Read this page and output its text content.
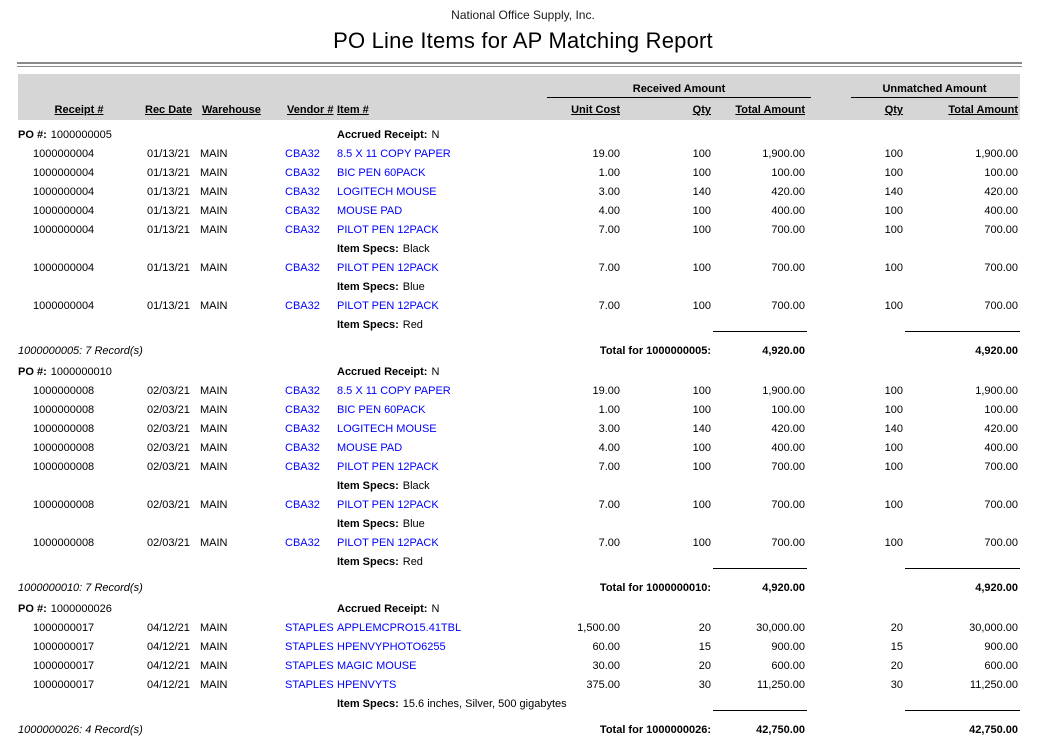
National Office Supply, Inc.
PO Line Items for AP Matching Report

					Received Amount			Unmatched Amount	

Receipt #	Rec Date	Warehouse	Vendor #	Item #	Unit Cost	Qty	Total Amount	Qty	Total Amount
PO #: 1000000005				Accrued Receipt: N					
1000000004	01/13/21	MAIN	CBA32	8.5 X 11 COPY PAPER	19.00	100	1,900.00	100	1,900.00
1000000004	01/13/21	MAIN	CBA32	BIC PEN 60PACK	1.00	100	100.00	100	100.00
1000000004	01/13/21	MAIN	CBA32	LOGITECH MOUSE	3.00	140	420.00	140	420.00
1000000004	01/13/21	MAIN	CBA32	MOUSE PAD	4.00	100	400.00	100	400.00
1000000004	01/13/21	MAIN	CBA32	PILOT PEN 12PACK	7.00	100	700.00	100	700.00
				Item Specs: Black					
1000000004	01/13/21	MAIN	CBA32	PILOT PEN 12PACK	7.00	100	700.00	100	700.00
				Item Specs: Blue					
1000000004	01/13/21	MAIN	CBA32	PILOT PEN 12PACK	7.00	100	700.00	100	700.00
				Item Specs: Red					
1000000005: 7 Record(s)					Total for 1000000005:		4,920.00		4,920.00
PO #: 1000000010				Accrued Receipt: N					
1000000008	02/03/21	MAIN	CBA32	8.5 X 11 COPY PAPER	19.00	100	1,900.00	100	1,900.00
1000000008	02/03/21	MAIN	CBA32	BIC PEN 60PACK	1.00	100	100.00	100	100.00
1000000008	02/03/21	MAIN	CBA32	LOGITECH MOUSE	3.00	140	420.00	140	420.00
1000000008	02/03/21	MAIN	CBA32	MOUSE PAD	4.00	100	400.00	100	400.00
1000000008	02/03/21	MAIN	CBA32	PILOT PEN 12PACK	7.00	100	700.00	100	700.00
				Item Specs: Black					
1000000008	02/03/21	MAIN	CBA32	PILOT PEN 12PACK	7.00	100	700.00	100	700.00
				Item Specs: Blue					
1000000008	02/03/21	MAIN	CBA32	PILOT PEN 12PACK	7.00	100	700.00	100	700.00
				Item Specs: Red					
1000000010: 7 Record(s)					Total for 1000000010:		4,920.00		4,920.00
PO #: 1000000026				Accrued Receipt: N					
1000000017	04/12/21	MAIN	STAPLES	APPLEMCPRO15.41TBL	1,500.00	20	30,000.00	20	30,000.00
1000000017	04/12/21	MAIN	STAPLES	HPENVYPHOTO6255	60.00	15	900.00	15	900.00
1000000017	04/12/21	MAIN	STAPLES	MAGIC MOUSE	30.00	20	600.00	20	600.00
1000000017	04/12/21	MAIN	STAPLES	HPENVYTS	375.00	30	11,250.00	30	11,250.00
				Item Specs: 15.6 inches, Silver, 500 gigabytes					
1000000026: 4 Record(s)					Total for 1000000026:		42,750.00		42,750.00
